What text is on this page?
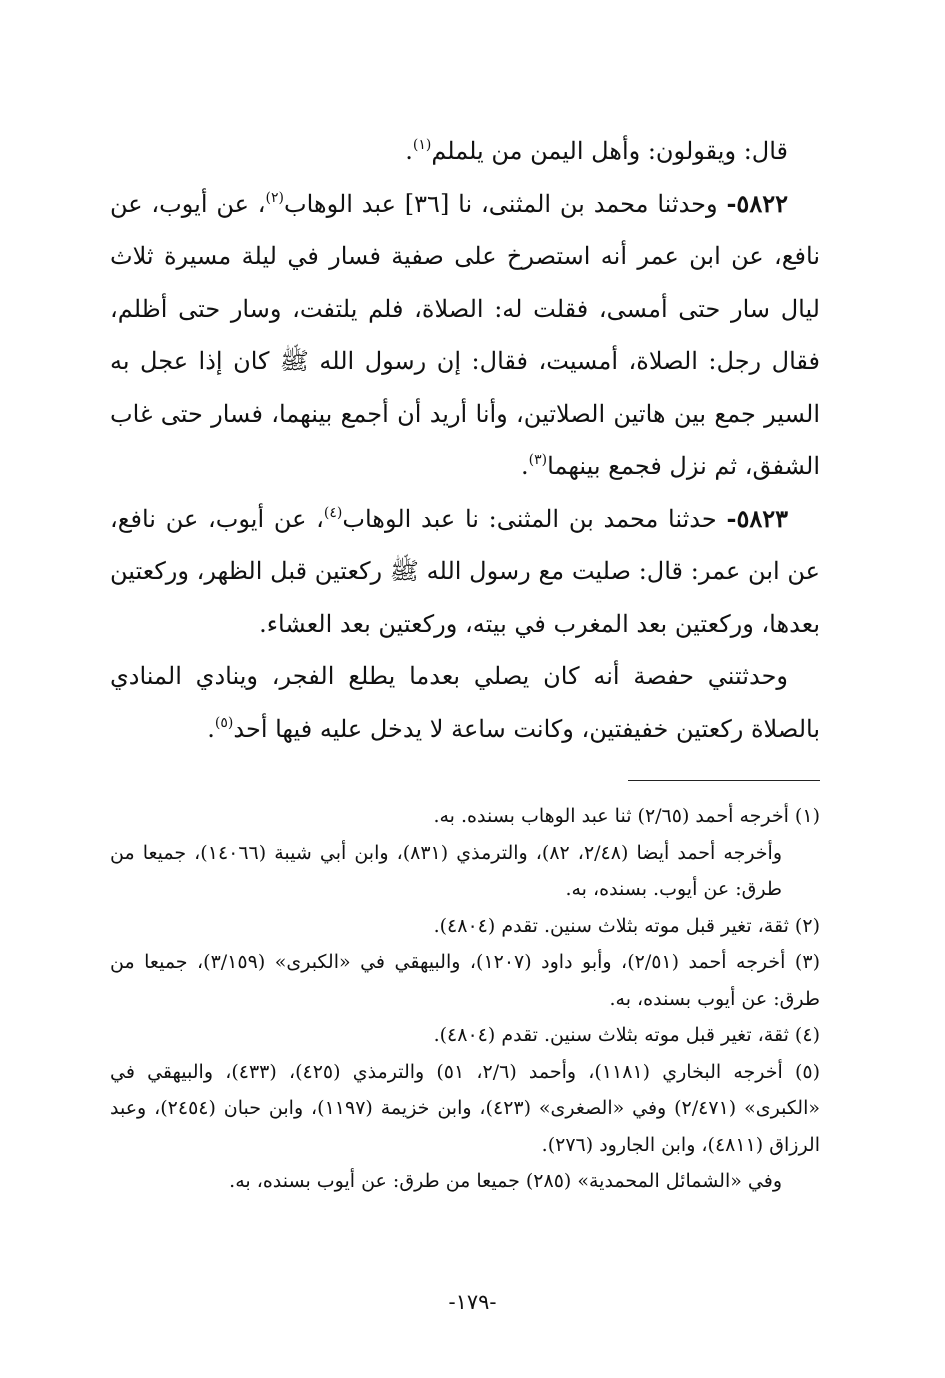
قال: ويقولون: وأهل اليمن من يلملم$^{(١)}$.

٥٨٢٢- وحدثنا محمد بن المثنى، نا [٣٦] عبد الوهاب$^{(٢)}$، عن أيوب، عن نافع، عن ابن عمر أنه استصرخ على صفية فسار في ليلة مسيرة ثلاث ليال سار حتى أمسى، فقلت له: الصلاة، فلم يلتفت، وسار حتى أظلم، فقال رجل: الصلاة، أمسيت، فقال: إن رسول الله ﷺ كان إذا عجل به السير جمع بين هاتين الصلاتين، وأنا أريد أن أجمع بينهما، فسار حتى غاب الشفق، ثم نزل فجمع بينهما$^{(٣)}$.

٥٨٢٣- حدثنا محمد بن المثنى: نا عبد الوهاب$^{(٤)}$، عن أيوب، عن نافع، عن ابن عمر: قال: صليت مع رسول الله ﷺ ركعتين قبل الظهر، وركعتين بعدها، وركعتين بعد المغرب في بيته، وركعتين بعد العشاء.

وحدثتني حفصة أنه كان يصلي بعدما يطلع الفجر، وينادي المنادي بالصلاة ركعتين خفيفتين، وكانت ساعة لا يدخل عليه فيها أحد$^{(٥)}$.

(١) أخرجه أحمد (٢/٦٥) ثنا عبد الوهاب بسنده. به.

وأخرجه أحمد أيضا (٢/٤٨، ٨٢)، والترمذي (٨٣١)، وابن أبي شيبة (١٤٠٦٦)، جميعا من طرق: عن أيوب. بسنده، به.

(٢) ثقة، تغير قبل موته بثلاث سنين. تقدم (٤٨٠٤).

(٣) أخرجه أحمد (٢/٥١)، وأبو داود (١٢٠٧)، والبيهقي في «الكبرى» (٣/١٥٩)، جميعا من طرق: عن أيوب بسنده، به.

(٤) ثقة، تغير قبل موته بثلاث سنين. تقدم (٤٨٠٤).

(٥) أخرجه البخاري (١١٨١)، وأحمد (٢/٦، ٥١) والترمذي (٤٢٥)، (٤٣٣)، والبيهقي في «الكبرى» (٢/٤٧١) وفي «الصغرى» (٤٢٣)، وابن خزيمة (١١٩٧)، وابن حبان (٢٤٥٤)، وعبد الرزاق (٤٨١١)، وابن الجارود (٢٧٦).

وفي «الشمائل المحمدية» (٢٨٥) جميعا من طرق: عن أيوب بسنده، به.

-١٧٩-
